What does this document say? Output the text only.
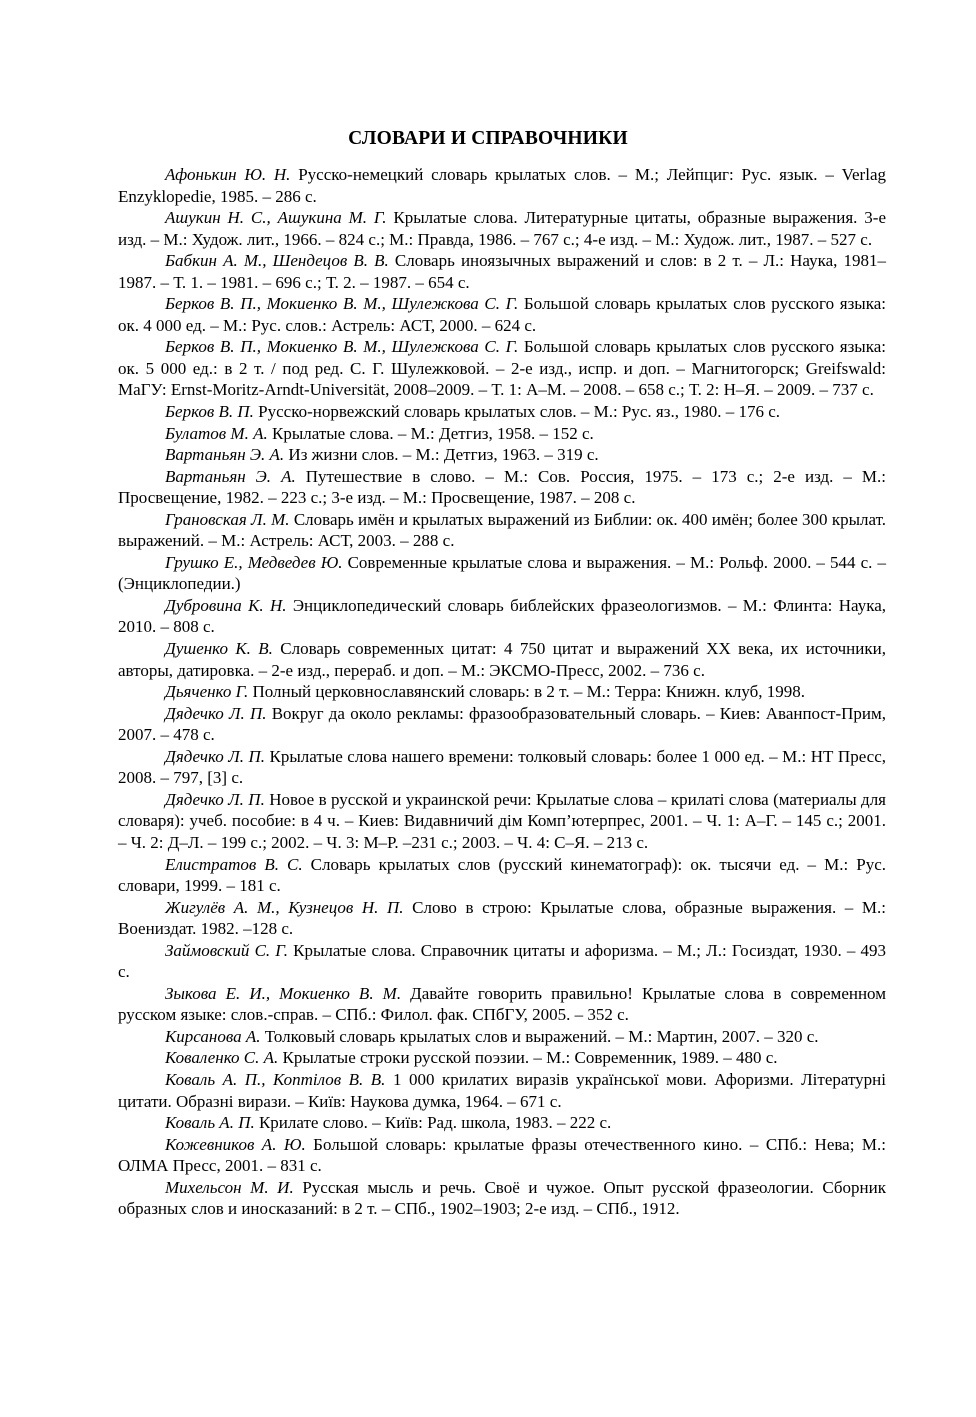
СЛОВАРИ И СПРАВОЧНИКИ

Афонькин Ю. Н. Русско-немецкий словарь крылатых слов. – М.; Лейпциг: Рус. язык. – Verlag Enzyklopedie, 1985. – 286 с.

Ашукин Н. С., Ашукина М. Г. Крылатые слова. Литературные цитаты, образные выражения. 3-е изд. – М.: Худож. лит., 1966. – 824 с.; М.: Правда, 1986. – 767 с.; 4-е изд. – М.: Худож. лит., 1987. – 527 с.

Бабкин А. М., Шендецов В. В. Словарь иноязычных выражений и слов: в 2 т. – Л.: Наука, 1981–1987. – Т. 1. – 1981. – 696 с.; Т. 2. – 1987. – 654 с.

Берков В. П., Мокиенко В. М., Шулежкова С. Г. Большой словарь крылатых слов русского языка: ок. 4 000 ед. – М.: Рус. слов.: Астрель: АСТ, 2000. – 624 с.

Берков В. П., Мокиенко В. М., Шулежкова С. Г. Большой словарь крылатых слов русского языка: ок. 5 000 ед.: в 2 т. / под ред. С. Г. Шулежковой. – 2-е изд., испр. и доп. – Магнитогорск; Greifswald: МаГУ: Ernst-Moritz-Arndt-Universität, 2008–2009. – Т. 1: А–М. – 2008. – 658 с.; Т. 2: Н–Я. – 2009. – 737 с.

Берков В. П. Русско-норвежский словарь крылатых слов. – М.: Рус. яз., 1980. – 176 с.

Булатов М. А. Крылатые слова. – М.: Детгиз, 1958. – 152 с.

Вартаньян Э. А. Из жизни слов. – М.: Детгиз, 1963. – 319 с.

Вартаньян Э. А. Путешествие в слово. – М.: Сов. Россия, 1975. – 173 с.; 2-е изд. – М.: Просвещение, 1982. – 223 с.; 3-е изд. – М.: Просвещение, 1987. – 208 с.

Грановская Л. М. Словарь имён и крылатых выражений из Библии: ок. 400 имён; более 300 крылат. выражений. – М.: Астрель: АСТ, 2003. – 288 с.

Грушко Е., Медведев Ю. Современные крылатые слова и выражения. – М.: Рольф. 2000. – 544 с. – (Энциклопедии.)

Дубровина К. Н. Энциклопедический словарь библейских фразеологизмов. – М.: Флинта: Наука, 2010. – 808 с.

Душенко К. В. Словарь современных цитат: 4 750 цитат и выражений XX века, их источники, авторы, датировка. – 2-е изд., перераб. и доп. – М.: ЭКСМО-Пресс, 2002. – 736 с.

Дьяченко Г. Полный церковнославянский словарь: в 2 т. – М.: Терра: Книжн. клуб, 1998.

Дядечко Л. П. Вокруг да около рекламы: фразообразовательный словарь. – Киев: Аванпост-Прим, 2007. – 478 с.

Дядечко Л. П. Крылатые слова нашего времени: толковый словарь: более 1 000 ед. – М.: НТ Пресс, 2008. – 797, [3] с.

Дядечко Л. П. Новое в русской и украинской речи: Крылатые слова – крилаті слова (материалы для словаря): учеб. пособие: в 4 ч. – Киев: Видавничий дім Комп’ютерпрес, 2001. – Ч. 1: А–Г. – 145 с.; 2001. – Ч. 2: Д–Л. – 199 с.; 2002. – Ч. 3: М–Р. –231 с.; 2003. – Ч. 4: С–Я. – 213 с.

Елистратов В. С. Словарь крылатых слов (русский кинематограф): ок. тысячи ед. – М.: Рус. словари, 1999. – 181 с.

Жигулёв А. М., Кузнецов Н. П. Слово в строю: Крылатые слова, образные выражения. – М.: Воениздат. 1982. –128 с.

Займовский С. Г. Крылатые слова. Справочник цитаты и афоризма. – М.; Л.: Госиздат, 1930. – 493 с.

Зыкова Е. И., Мокиенко В. М. Давайте говорить правильно! Крылатые слова в современном русском языке: слов.-справ. – СПб.: Филол. фак. СПбГУ, 2005. – 352 с.

Кирсанова А. Толковый словарь крылатых слов и выражений. – М.: Мартин, 2007. – 320 с.

Коваленко С. А. Крылатые строки русской поэзии. – М.: Современник, 1989. – 480 с.

Коваль А. П., Коптілов В. В. 1 000 крилатих виразів української мови. Афоризми. Літературні цитати. Образні вирази. – Київ: Наукова думка, 1964. – 671 с.

Коваль А. П. Крилате слово. – Київ: Рад. школа, 1983. – 222 с.

Кожевников А. Ю. Большой словарь: крылатые фразы отечественного кино. – СПб.: Нева; М.: ОЛМА Пресс, 2001. – 831 с.

Михельсон М. И. Русская мысль и речь. Своё и чужое. Опыт русской фразеологии. Сборник образных слов и иносказаний: в 2 т. – СПб., 1902–1903; 2-е изд. – СПб., 1912.
